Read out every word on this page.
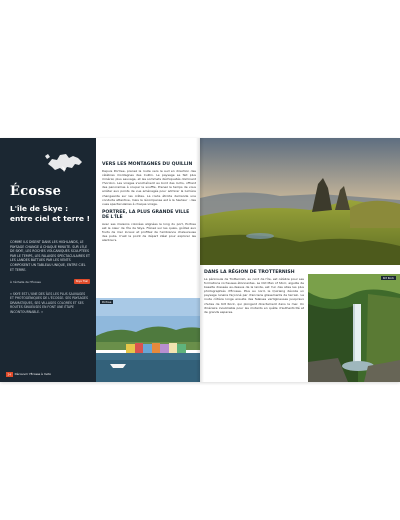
Écosse
L'île de Skye : entre ciel et terre !
COMME ILS DISENT DANS LES HIGHLANDS, LE PAYSAGE CHANGE À CHAQUE MINUTE. SUR L'ÎLE DE SKYE, LES ROCHES VOLCANIQUES SCULPTÉES PAR LE TEMPS, LES FALAISES SPECTACULAIRES ET LES LANDES BATTUES PAR LES VENTS COMPOSENT UN TABLEAU UNIQUE, ENTRE CIEL ET TERRE.
À l'échelle de l'Écosse	Skye Trail
« SKYE EST L'UNE DES ÎLES LES PLUS SAUVAGES ET PHOTOGÉNIQUES DE L'ÉCOSSE. SES PAYSAGES DRAMATIQUES, SES VILLAGES COLORÉS ET SES ROUTES SINUEUSES EN FONT UNE ÉTAPE INCONTOURNABLE. »
24 Découvrir l'Écosse à moto
VERS LES MONTAGNES DU QUILLIN
Depuis Portree, prenez la route vers le sud en direction des célèbres montagnes des Cuillin. Le paysage se fait plus minéral, plus sauvage, et les sommets déchiquetés dominent l'horizon. Les virages s'enchaînent au bord des lochs, offrant des panoramas à couper le souffle. Prenez le temps de vous arrêter aux points de vue aménagés pour admirer la lumière changeante sur les crêtes. La route étroite demande une conduite attentive, mais la récompense est à la hauteur : des vues spectaculaires à chaque virage.
PORTREE, LA PLUS GRANDE VILLE DE L'ÎLE
Avec ses maisons colorées alignées le long du port, Portree est le cœur de l'île de Skye. Flânez sur les quais, goûtez aux fruits de mer locaux et profitez de l'ambiance chaleureuse des pubs. C'est le point de départ idéal pour explorer les alentours.
Portree
DANS LA RÉGION DE TROTTERNISH
La péninsule de Trotternish, au nord de l'île, est célèbre pour ses formations rocheuses étonnantes. Le Old Man of Storr, aiguille de basalte dressée au-dessus de la lande, est l'un des sites les plus photographiés d'Écosse. Plus au nord, le Quiraing dévoile un paysage lunaire façonné par d'anciens glissements de terrain. La route côtière longe ensuite des falaises vertigineuses jusqu'aux chutes de Kilt Rock, qui plongent directement dans la mer. Un itinéraire inoubliable pour les motards en quête d'authenticité et de grands espaces.
Kilt Rock
